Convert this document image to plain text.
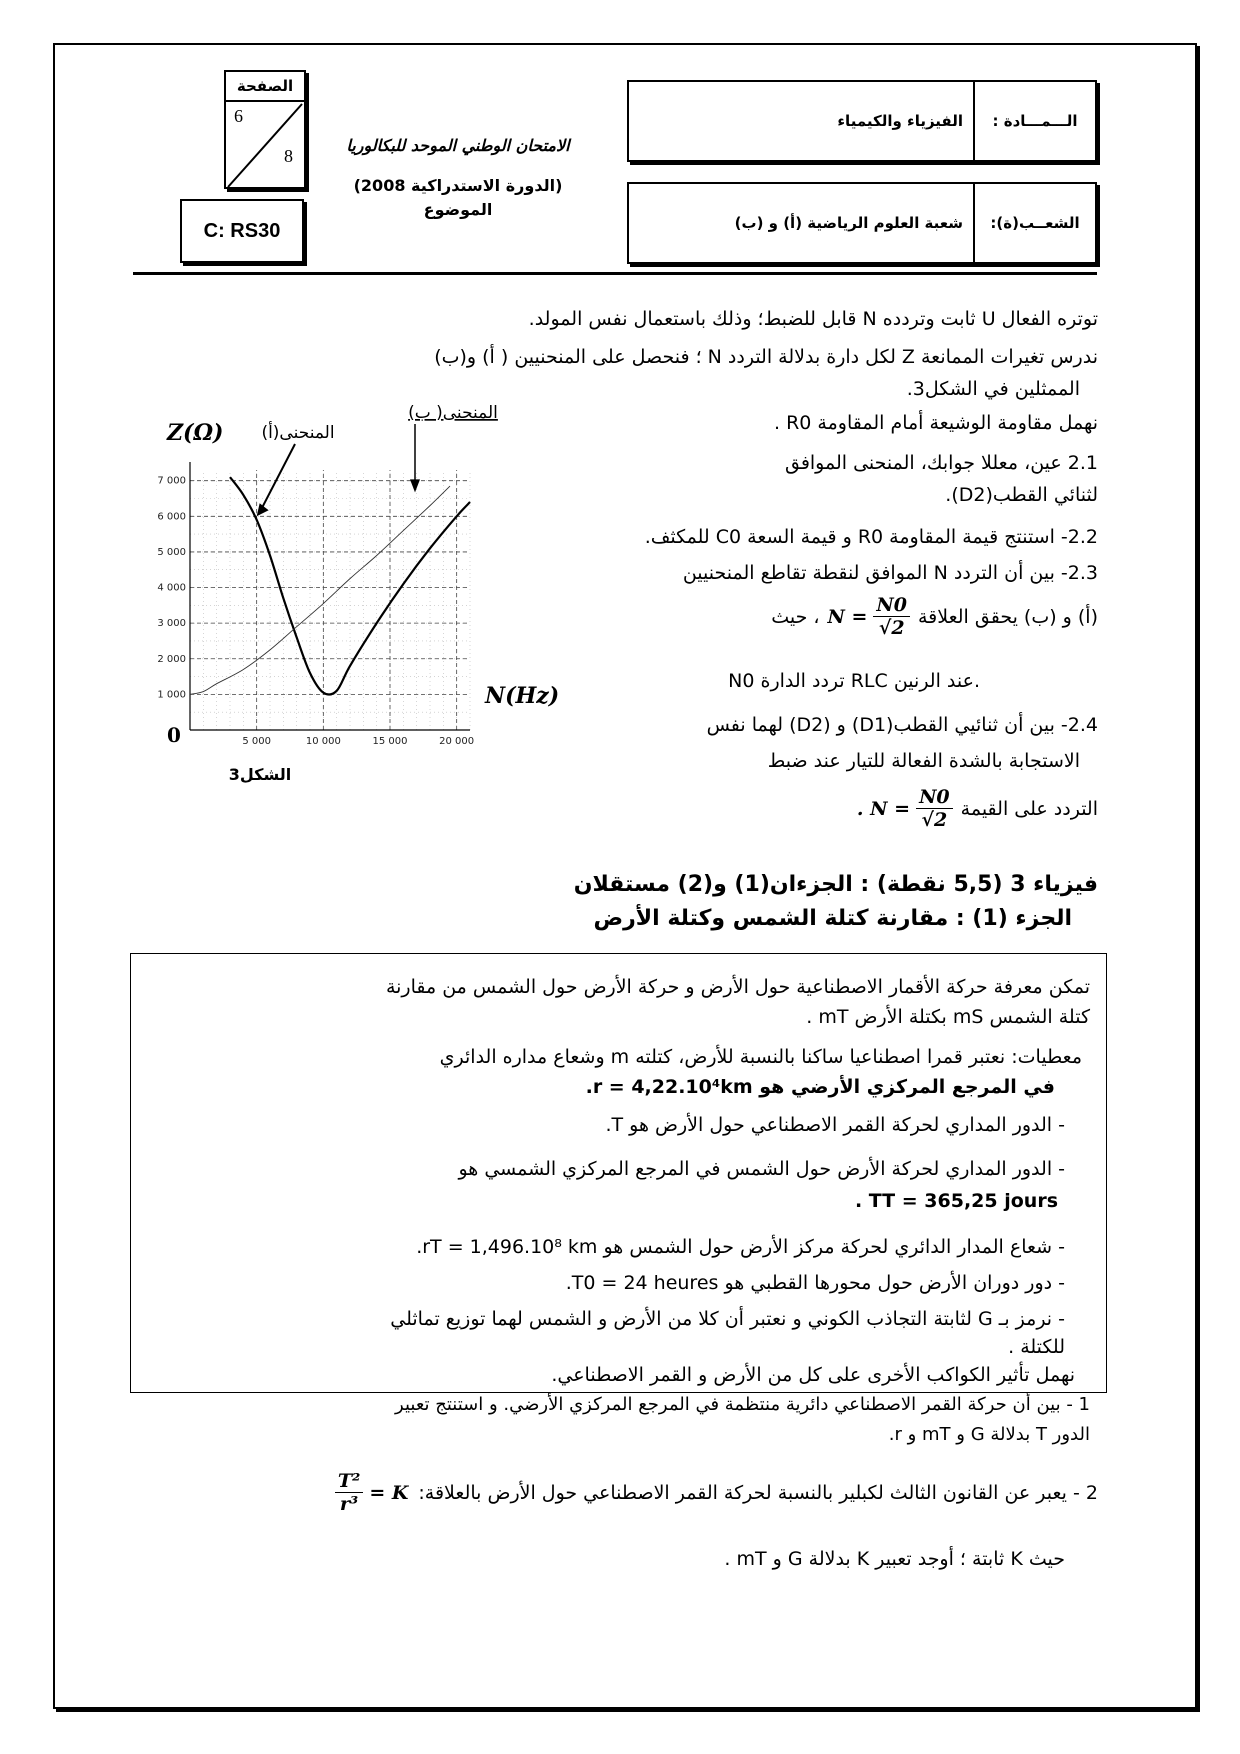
الصفحة
6
8
C: RS30
الامتحان الوطني الموحد للبكالوريا
(الدورة الاستدراكية 2008)
الموضوع
الـــمـــادة :
الفيزياء والكيمياء
الشعــب(ة):
شعبة العلوم الرياضية (أ) و (ب)
توتره الفعال U ثابت وتردده N قابل للضبط؛ وذلك باستعمال نفس المولد.
ندرس تغيرات الممانعة Z لكل دارة بدلالة التردد N ؛ فنحصل على المنحنيين ( أ) و(ب)
الممثلين في الشكل3.
نهمل مقاومة الوشيعة أمام المقاومة R0 .
2.1 عين، معللا جوابك، المنحنى الموافق
لثنائي القطب(D2).
2.2- استنتج قيمة المقاومة R0 و قيمة السعة C0 للمكثف.
2.3- بين أن التردد N الموافق لنقطة تقاطع المنحنيين
(أ) و (ب) يحقق العلاقة
$N = \frac{N0}{√2}$
، حيث
N0 تردد الدارة RLC عند الرنين.
2.4- بين أن ثنائيي القطب(D1) و (D2) لهما نفس
الاستجابة بالشدة الفعالة للتيار عند ضبط
التردد على القيمة
. $N = \frac{N0}{√2}$
5 000	10 000	15 000	20 000
1 000
2 000
3 000
4 000
5 000
6 000
7 000
Z(Ω)
N(Hz)
0
الشكل3
المنحنى(أ)
المنحنى( ب)
فيزياء 3 (5,5 نقطة) : الجزءان(1) و(2) مستقلان
الجزء (1) : مقارنة كتلة الشمس وكتلة الأرض
تمكن معرفة حركة الأقمار الاصطناعية حول الأرض و حركة الأرض حول الشمس من مقارنة
كتلة الشمس mS بكتلة الأرض mT .
معطيات: نعتبر قمرا اصطناعيا ساكنا بالنسبة للأرض، كتلته m وشعاع مداره الدائري
في المرجع المركزي الأرضي هو r = 4,22.10⁴km.
- الدور المداري لحركة القمر الاصطناعي حول الأرض هو T.
- الدور المداري لحركة الأرض حول الشمس في المرجع المركزي الشمسي هو
. TT = 365,25 jours
- شعاع المدار الدائري لحركة مركز الأرض حول الشمس هو rT = 1,496.10⁸ km.
- دور دوران الأرض حول محورها القطبي هو T0 = 24 heures.
- نرمز بـ G لثابتة التجاذب الكوني و نعتبر أن كلا من الأرض و الشمس لهما توزيع تماثلي
للكتلة .
نهمل تأثير الكواكب الأخرى على كل من الأرض و القمر الاصطناعي.
1 - بين أن حركة القمر الاصطناعي دائرية منتظمة في المرجع المركزي الأرضي. و استنتج تعبير
الدور T بدلالة G و mT و r.
2 - يعبر عن القانون الثالث لكبلير بالنسبة لحركة القمر الاصطناعي حول الأرض بالعلاقة:
$\frac{\text{T²}}{\text{r³}} = K$
حيث K ثابتة ؛ أوجد تعبير K بدلالة G و mT .
